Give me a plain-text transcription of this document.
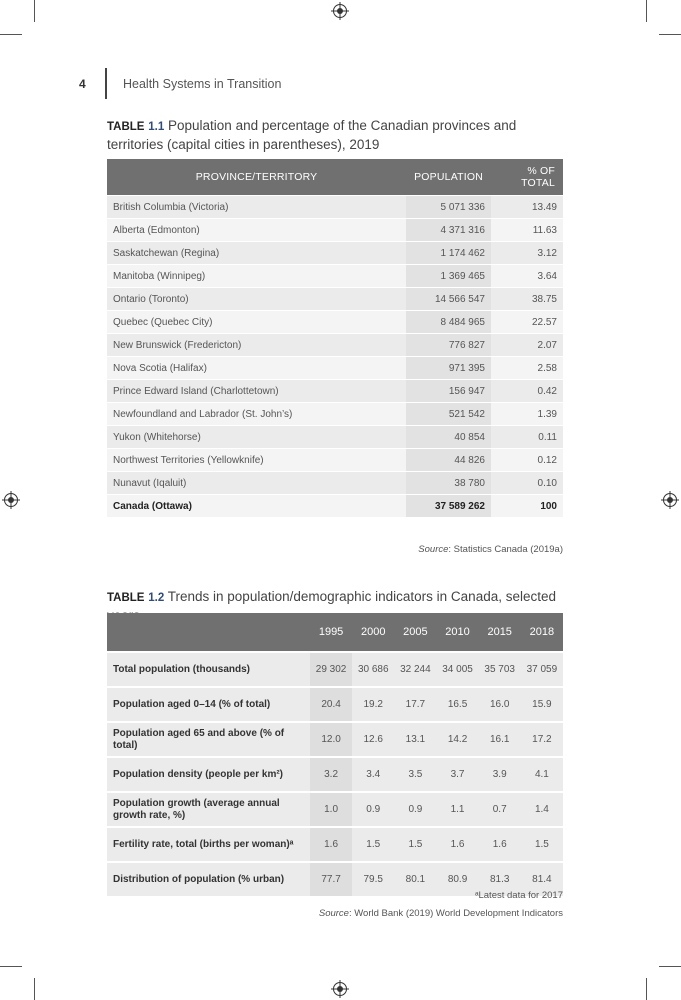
4	Health Systems in Transition
TABLE 1.1 Population and percentage of the Canadian provinces and territories (capital cities in parentheses), 2019
PROVINCE/TERRITORY	POPULATION	% OF TOTAL
British Columbia (Victoria)	5 071 336	13.49
Alberta (Edmonton)	4 371 316	11.63
Saskatchewan (Regina)	1 174 462	3.12
Manitoba (Winnipeg)	1 369 465	3.64
Ontario (Toronto)	14 566 547	38.75
Quebec (Quebec City)	8 484 965	22.57
New Brunswick (Fredericton)	776 827	2.07
Nova Scotia (Halifax)	971 395	2.58
Prince Edward Island (Charlottetown)	156 947	0.42
Newfoundland and Labrador (St. John’s)	521 542	1.39
Yukon (Whitehorse)	40 854	0.11
Northwest Territories (Yellowknife)	44 826	0.12
Nunavut (Iqaluit)	38 780	0.10
Canada (Ottawa)	37 589 262	100
Source: Statistics Canada (2019a)
TABLE 1.2 Trends in population/demographic indicators in Canada, selected
	1995	2000	2005	2010	2015	2018
Total population (thousands)	29 302	30 686	32 244	34 005	35 703	37 059
Population aged 0–14 (% of total)	20.4	19.2	17.7	16.5	16.0	15.9
Population aged 65 and above (% of total)	12.0	12.6	13.1	14.2	16.1	17.2
Population density (people per km²)	3.2	3.4	3.5	3.7	3.9	4.1
Population growth (average annual growth rate, %)	1.0	0.9	0.9	1.1	0.7	1.4
Fertility rate, total (births per woman)ᵃ	1.6	1.5	1.5	1.6	1.6	1.5
Distribution of population (% urban)	77.7	79.5	80.1	80.9	81.3	81.4
ᵃLatest data for 2017
Source: World Bank (2019) World Development Indicators
